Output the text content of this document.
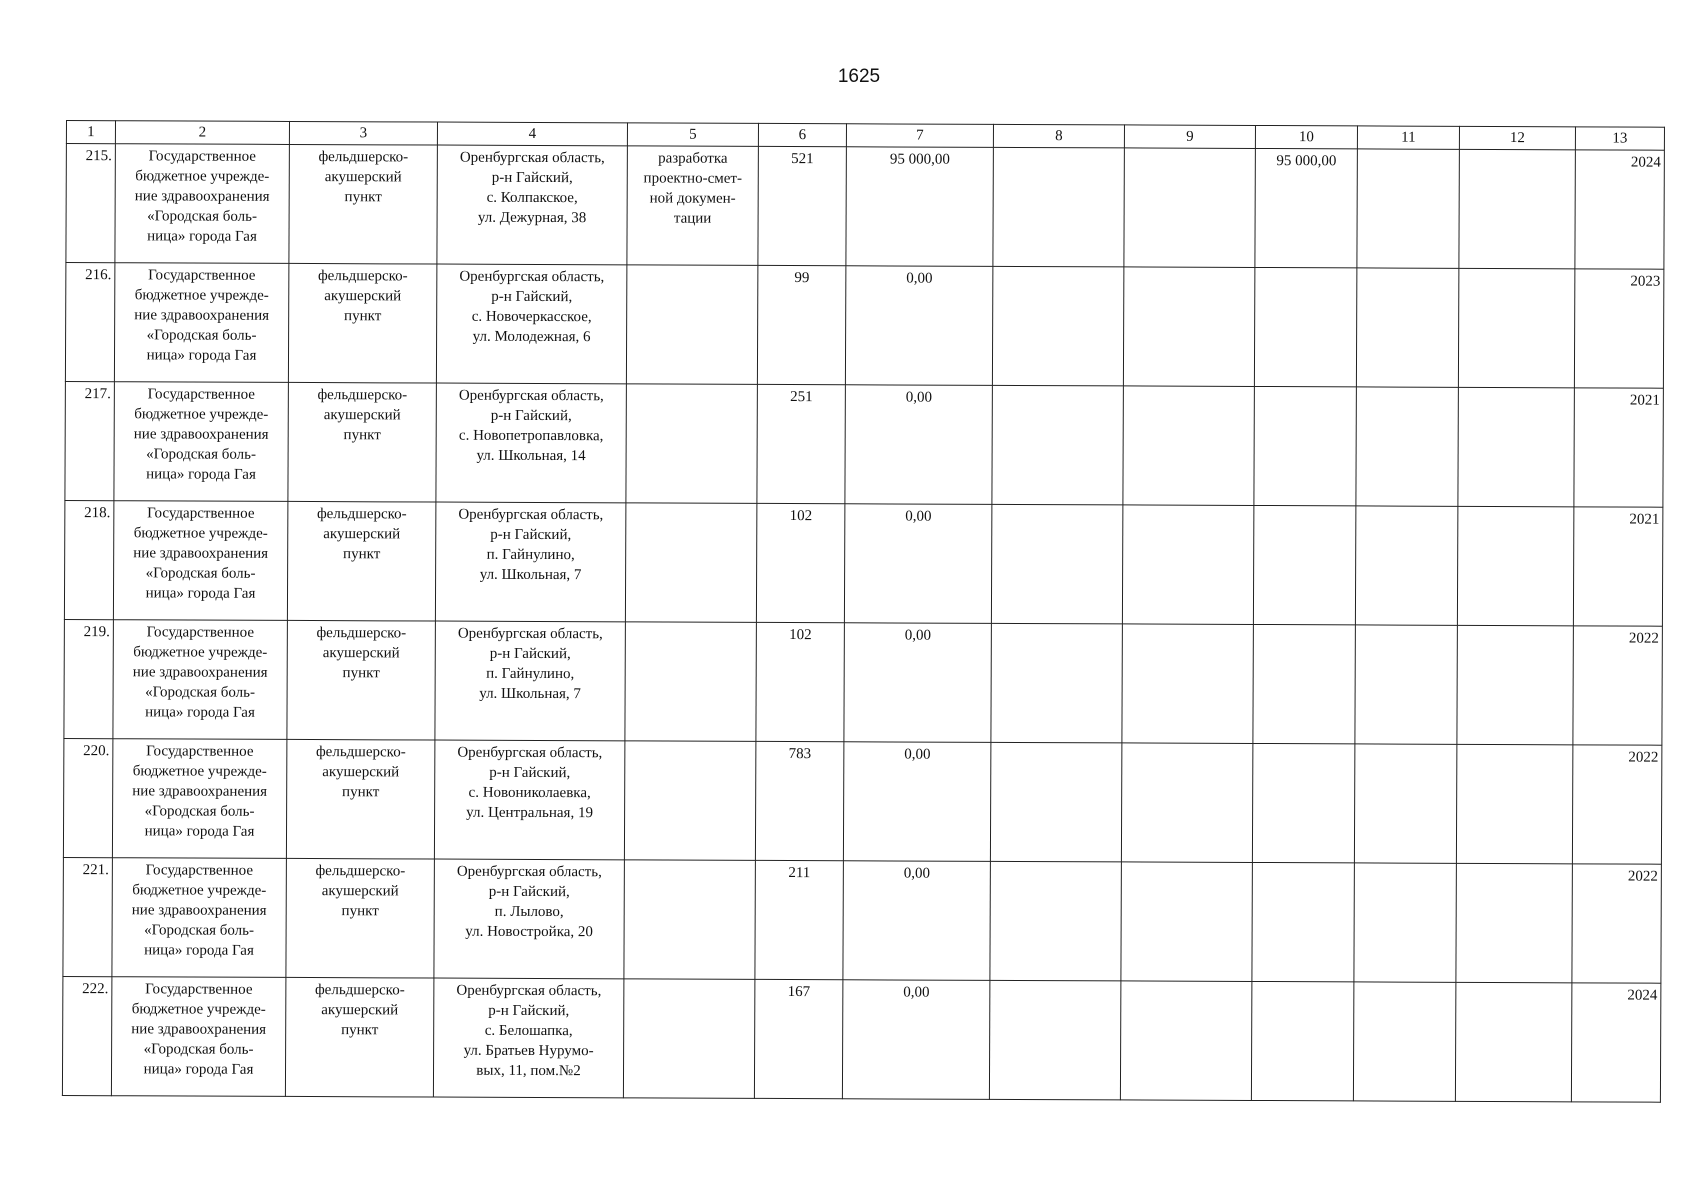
1625
1	2	3	4	5	6	7	8	9	10	11	12	13
215.	Государственное
бюджетное учрежде-
ние здравоохранения
«Городская боль-
ница» города Гая	фельдшерско-
акушерский
пункт	Оренбургская область,
р-н Гайский,
с. Колпакское,
ул. Дежурная, 38	разработка
проектно-смет-
ной докумен-
тации	521	95 000,00			95 000,00			2024
216.	Государственное
бюджетное учрежде-
ние здравоохранения
«Городская боль-
ница» города Гая	фельдшерско-
акушерский
пункт	Оренбургская область,
р-н Гайский,
с. Новочеркасское,
ул. Молодежная, 6		99	0,00						2023
217.	Государственное
бюджетное учрежде-
ние здравоохранения
«Городская боль-
ница» города Гая	фельдшерско-
акушерский
пункт	Оренбургская область,
р-н Гайский,
с. Новопетропавловка,
ул. Школьная, 14		251	0,00						2021
218.	Государственное
бюджетное учрежде-
ние здравоохранения
«Городская боль-
ница» города Гая	фельдшерско-
акушерский
пункт	Оренбургская область,
р-н Гайский,
п. Гайнулино,
ул. Школьная, 7		102	0,00						2021
219.	Государственное
бюджетное учрежде-
ние здравоохранения
«Городская боль-
ница» города Гая	фельдшерско-
акушерский
пункт	Оренбургская область,
р-н Гайский,
п. Гайнулино,
ул. Школьная, 7		102	0,00						2022
220.	Государственное
бюджетное учрежде-
ние здравоохранения
«Городская боль-
ница» города Гая	фельдшерско-
акушерский
пункт	Оренбургская область,
р-н Гайский,
с. Новониколаевка,
ул. Центральная, 19		783	0,00						2022
221.	Государственное
бюджетное учрежде-
ние здравоохранения
«Городская боль-
ница» города Гая	фельдшерско-
акушерский
пункт	Оренбургская область,
р-н Гайский,
п. Лылово,
ул. Новостройка, 20		211	0,00						2022
222.	Государственное
бюджетное учрежде-
ние здравоохранения
«Городская боль-
ница» города Гая	фельдшерско-
акушерский
пункт	Оренбургская область,
р-н Гайский,
с. Белошапка,
ул. Братьев Нурумо-
вых, 11, пом.№2		167	0,00						2024
